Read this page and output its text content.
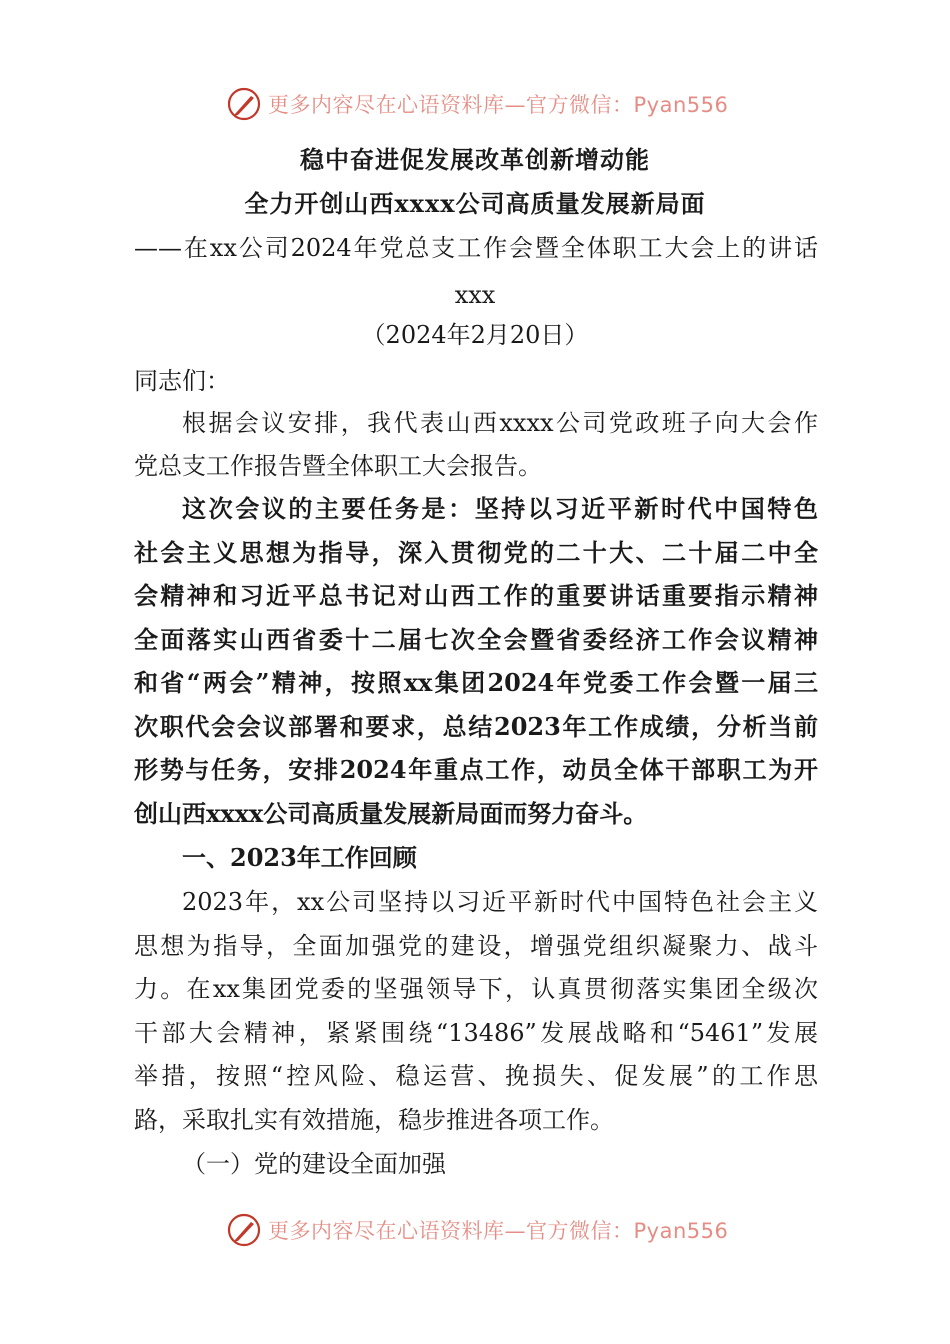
更多内容尽在心语资料库—官方微信：Pyan556
稳中奋进促发展改革创新增动能
全力开创山西xxxx公司高质量发展新局面
——在xx公司2024年党总支工作会暨全体职工大会上的讲话
xxx
（2024年2月20日）
同志们：
根据会议安排，我代表山西xxxx公司党政班子向大会作
党总支工作报告暨全体职工大会报告。
这次会议的主要任务是：坚持以习近平新时代中国特色
社会主义思想为指导，深入贯彻党的二十大、二十届二中全
会精神和习近平总书记对山西工作的重要讲话重要指示精神
全面落实山西省委十二届七次全会暨省委经济工作会议精神
和省“两会”精神，按照xx集团2024年党委工作会暨一届三
次职代会会议部署和要求，总结2023年工作成绩，分析当前
形势与任务，安排2024年重点工作，动员全体干部职工为开
创山西xxxx公司高质量发展新局面而努力奋斗。
一、2023年工作回顾
2023年，xx公司坚持以习近平新时代中国特色社会主义
思想为指导，全面加强党的建设，增强党组织凝聚力、战斗
力。在xx集团党委的坚强领导下，认真贯彻落实集团全级次
干部大会精神，紧紧围绕“13486”发展战略和“5461”发展
举措，按照“控风险、稳运营、挽损失、促发展”的工作思
路，采取扎实有效措施，稳步推进各项工作。
（一）党的建设全面加强
更多内容尽在心语资料库—官方微信：Pyan556
